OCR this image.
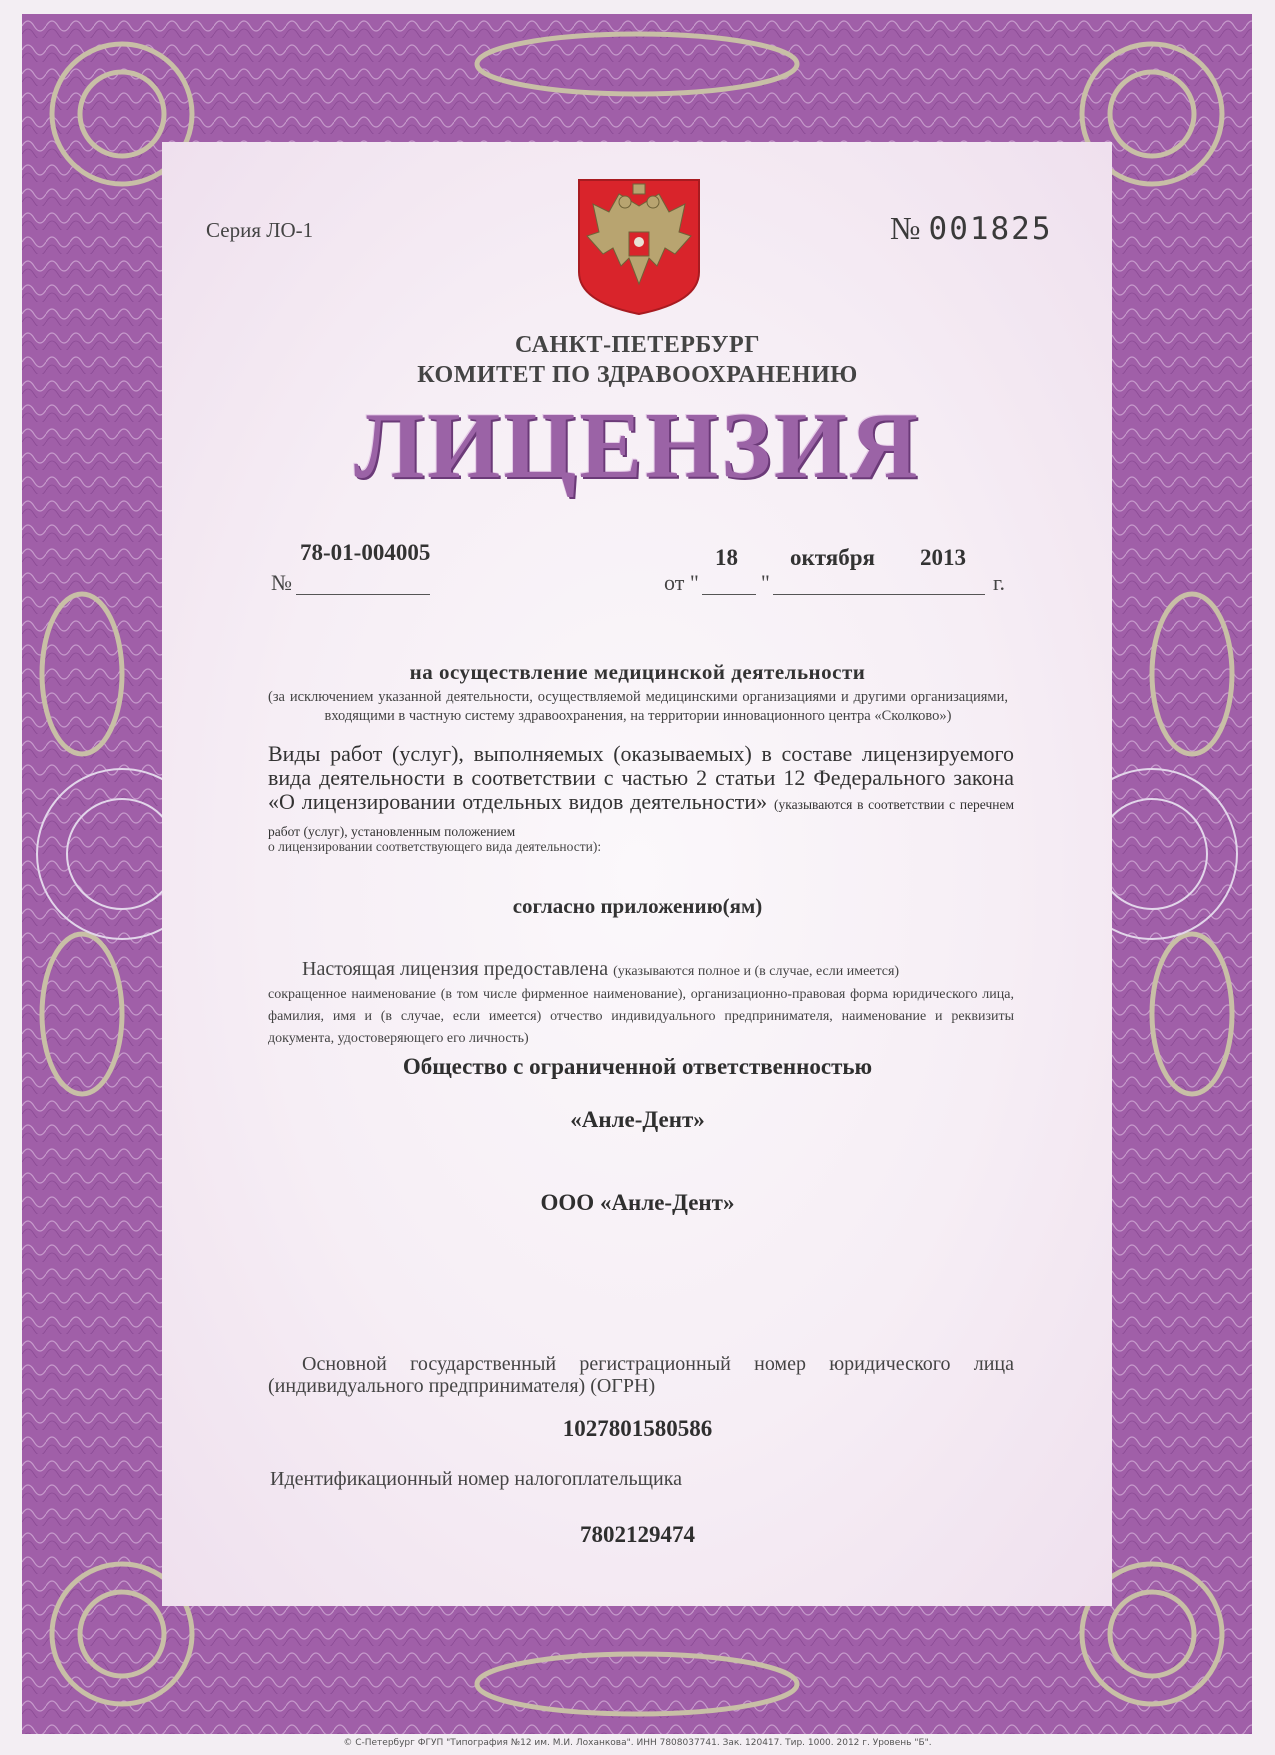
Серия ЛО-1	№ 001825
САНКТ-ПЕТЕРБУРГ
КОМИТЕТ ПО ЗДРАВООХРАНЕНИЮ
ЛИЦЕНЗИЯ
78-01-004005
№	от "	"
18 октября 2013
г.
на осуществление медицинской деятельности
(за исключением указанной деятельности, осуществляемой медицинскими организациями и другими организациями, входящими в частную систему здравоохранения, на территории инновационного центра «Сколково»)
Виды работ (услуг), выполняемых (оказываемых) в составе лицензируемого вида деятельности в соответствии с частью 2 статьи 12 Федерального закона «О лицензировании отдельных видов деятельности» (указываются в соответствии с перечнем работ (услуг), установленным положением
о лицензировании соответствующего вида деятельности):
согласно приложению(ям)
Настоящая лицензия предоставлена (указываются полное и (в случае, если имеется)
сокращенное наименование (в том числе фирменное наименование), организационно-правовая форма юридического лица, фамилия, имя и (в случае, если имеется) отчество индивидуального предпринимателя, наименование и реквизиты документа, удостоверяющего его личность)
Общество с ограниченной ответственностью
«Анле-Дент»
ООО «Анле-Дент»
Основной государственный регистрационный номер юридического лица (индивидуального предпринимателя) (ОГРН)
1027801580586
Идентификационный номер налогоплательщика
7802129474
© С-Петербург ФГУП "Типография №12 им. М.И. Лоханкова". ИНН 7808037741. Зак. 120417. Тир. 1000. 2012 г. Уровень "Б".
